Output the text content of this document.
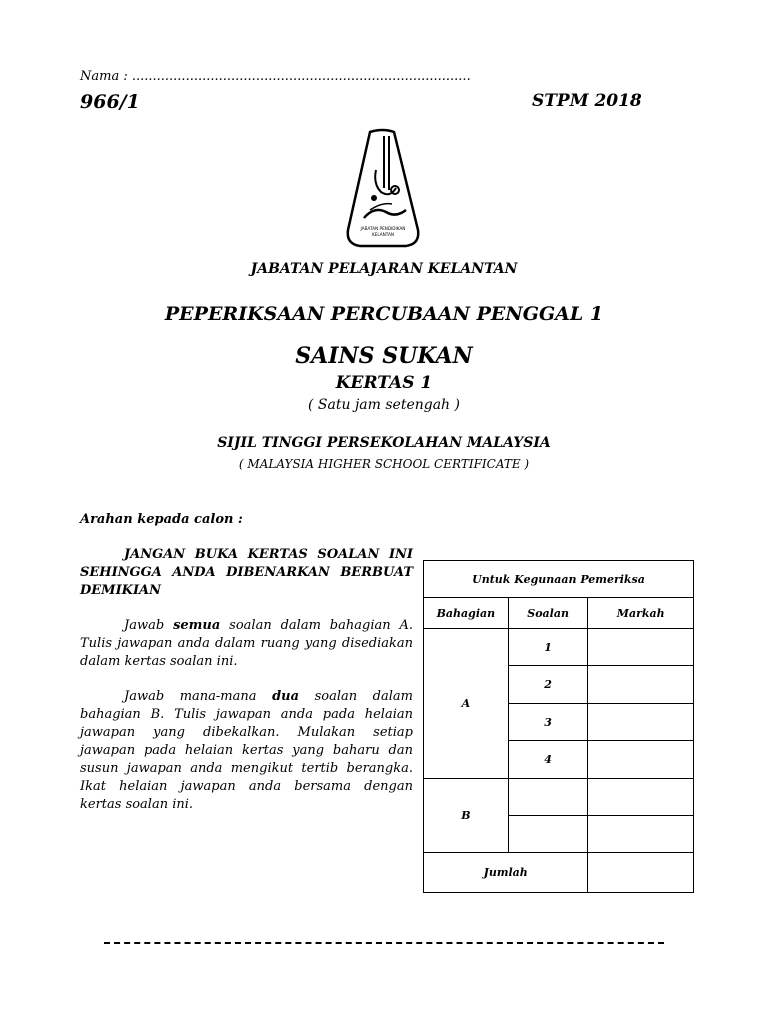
Nama : ..................................................................................
966/1	STPM 2018
JABATAN PENDIDIKAN
KELANTAN
JABATAN PELAJARAN KELANTAN
PEPERIKSAAN PERCUBAAN PENGGAL 1
SAINS SUKAN
KERTAS 1
( Satu jam setengah )
SIJIL TINGGI PERSEKOLAHAN MALAYSIA
( MALAYSIA HIGHER SCHOOL CERTIFICATE )
Arahan kepada calon :
JANGAN BUKA KERTAS SOALAN INI SEHINGGA ANDA DIBENARKAN BERBUAT DEMIKIAN
Jawab semua soalan dalam bahagian A. Tulis jawapan anda dalam ruang yang disediakan dalam kertas soalan ini.
Jawab mana-mana dua soalan dalam bahagian B. Tulis jawapan anda pada helaian jawapan yang dibekalkan. Mulakan setiap jawapan pada helaian kertas yang baharu dan susun jawapan anda mengikut tertib berangka. Ikat helaian jawapan anda bersama dengan kertas soalan ini.
Untuk Kegunaan Pemeriksa		
Bahagian	Soalan	Markah
A	1	
	2	
	3	
	4	
B		

Jumlah		
